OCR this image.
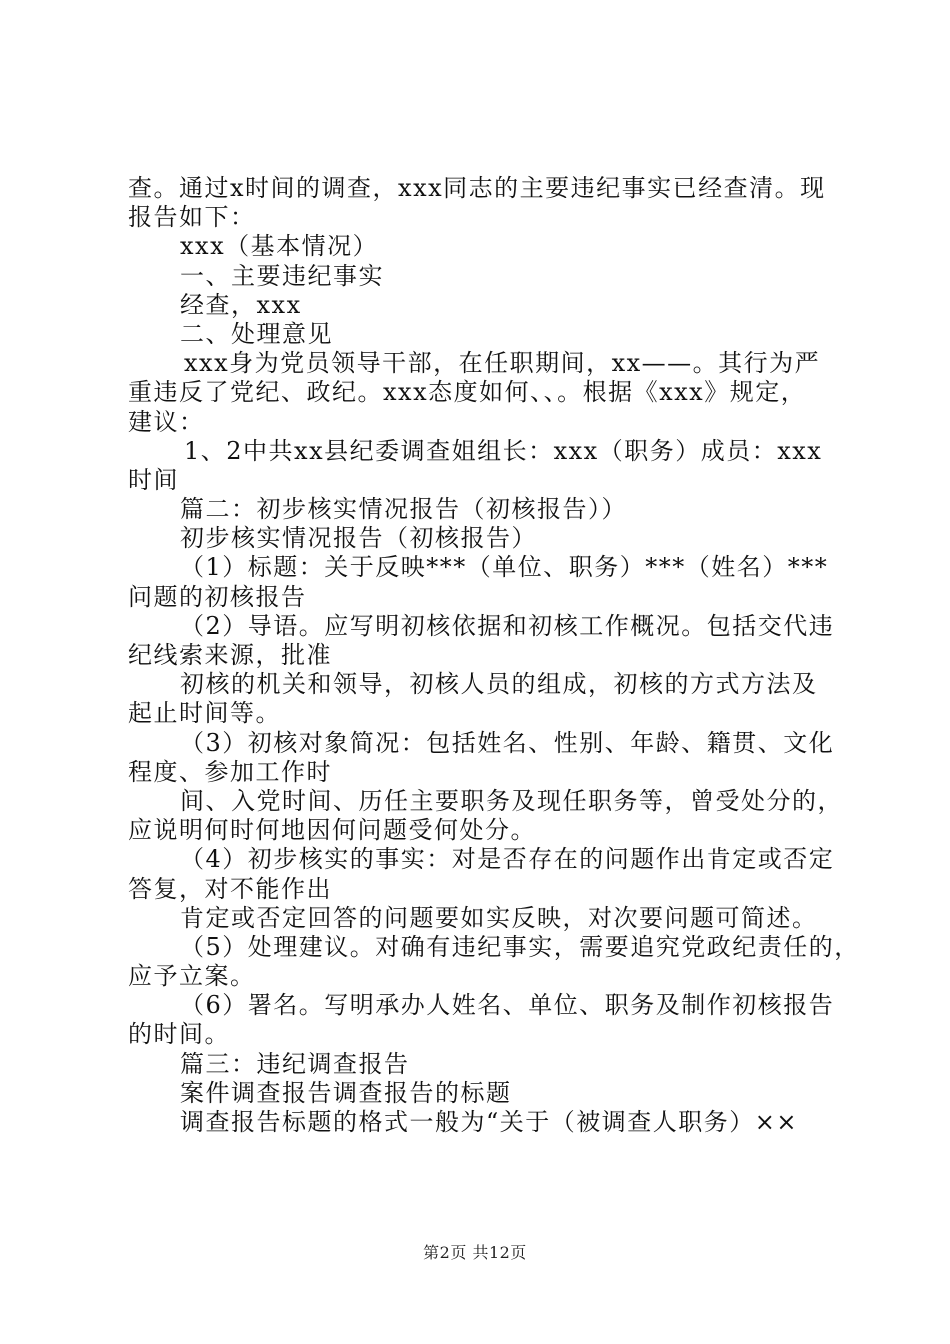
查。通过x时间的调查，xxx同志的主要违纪事实已经查清。现
报告如下：
xxx（基本情况）
一、主要违纪事实
经查，xxx
二、处理意见
xxx身为党员领导干部，在任职期间，xx——。其行为严
重违反了党纪、政纪。xxx态度如何、、。根据《xxx》规定，
建议：
1、2中共xx县纪委调查姐组长：xxx（职务）成员：xxx
时间
篇二：初步核实情况报告（初核报告））
初步核实情况报告（初核报告）
（1）标题：关于反映***（单位、职务）***（姓名）***
问题的初核报告
（2）导语。应写明初核依据和初核工作概况。包括交代违
纪线索来源，批准
初核的机关和领导，初核人员的组成，初核的方式方法及
起止时间等。
（3）初核对象简况：包括姓名、性别、年龄、籍贯、文化
程度、参加工作时
间、入党时间、历任主要职务及现任职务等，曾受处分的，
应说明何时何地因何问题受何处分。
（4）初步核实的事实：对是否存在的问题作出肯定或否定
答复，对不能作出
肯定或否定回答的问题要如实反映，对次要问题可简述。
（5）处理建议。对确有违纪事实，需要追究党政纪责任的，
应予立案。
（6）署名。写明承办人姓名、单位、职务及制作初核报告
的时间。
篇三：违纪调查报告
案件调查报告调查报告的标题
调查报告标题的格式一般为“关于（被调查人职务）××
第2页 共12页
